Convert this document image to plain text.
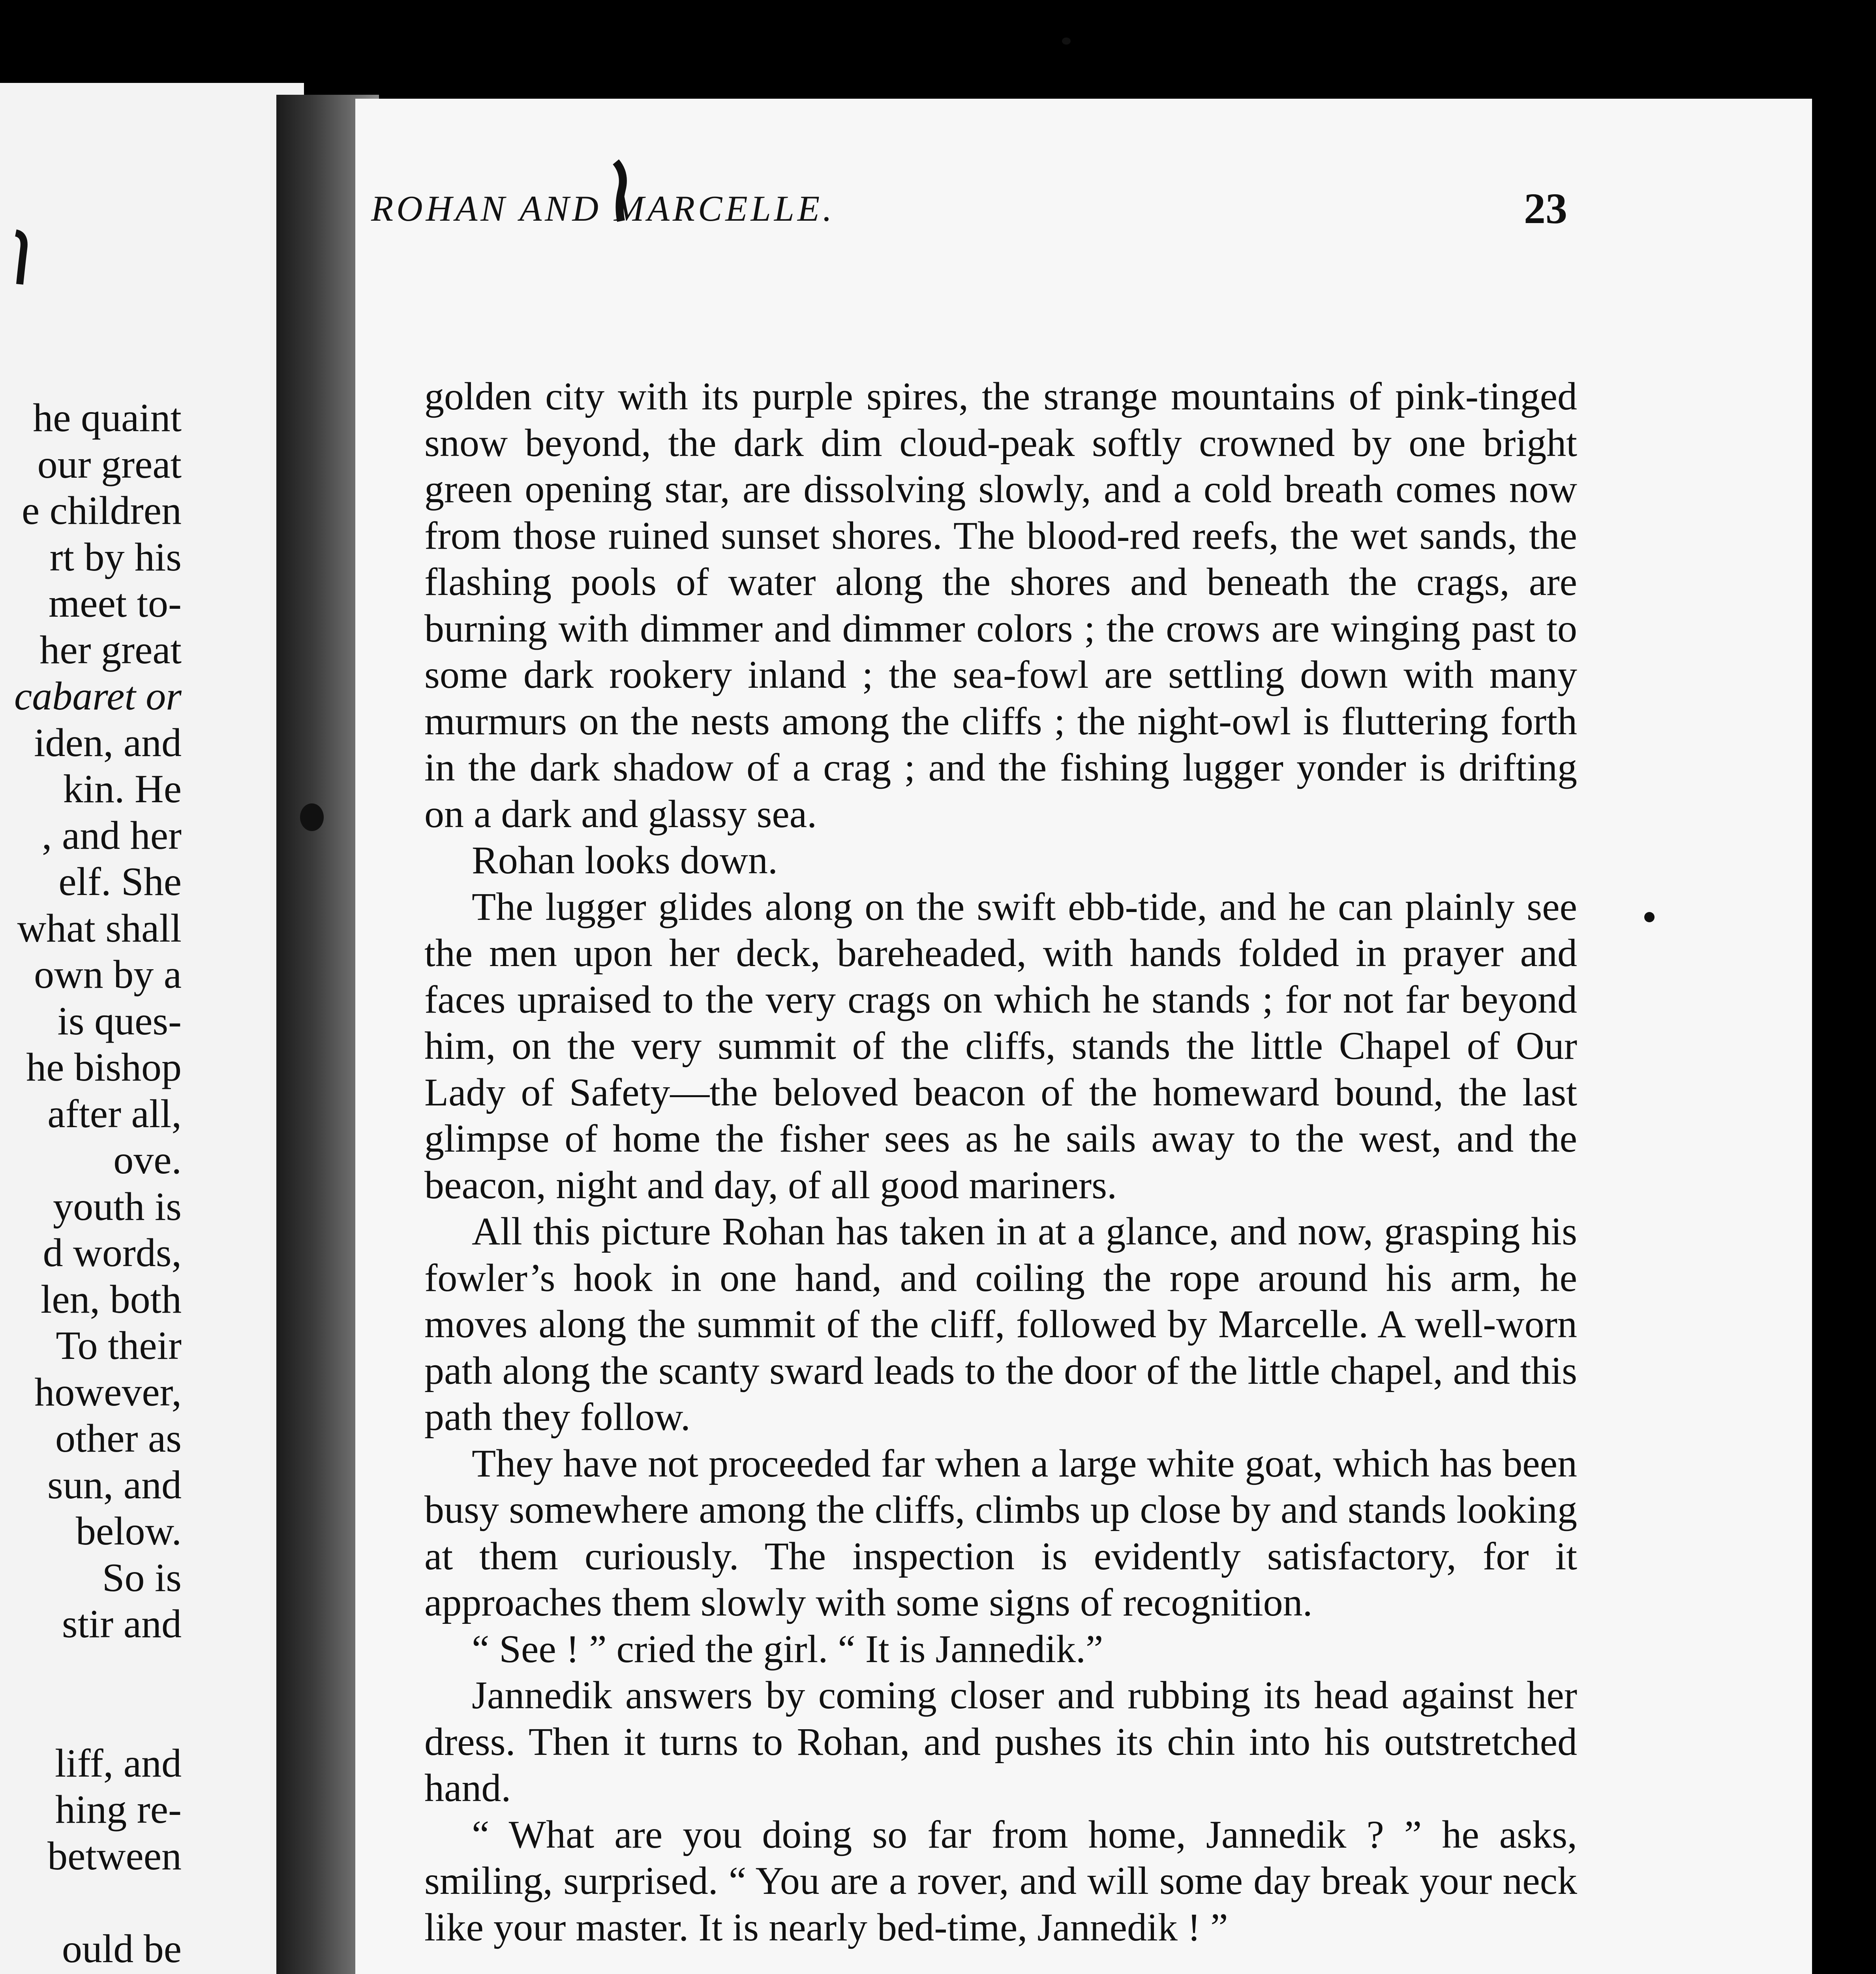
he quaint
our great
e children
rt by his
meet to-
her great
cabaret or
iden, and
kin. He
, and her
elf. She
what shall
own by a
is ques-
he bishop
after all,
ove.
youth is
d words,
len, both
To their
however,
other as
sun, and
below.
So is
stir and
liff, and
hing re-
between
ould be
ROHAN AND MARCELLE.	23

golden city with its purple spires, the strange mountains of pink-tinged snow beyond, the dark dim cloud-peak softly crowned by one bright green opening star, are dissolving slowly, and a cold breath comes now from those ruined sunset shores. The blood-red reefs, the wet sands, the flashing pools of water along the shores and beneath the crags, are burning with dimmer and dimmer colors ; the crows are winging past to some dark rookery inland ; the sea-fowl are settling down with many murmurs on the nests among the cliffs ; the night-owl is fluttering forth in the dark shadow of a crag ; and the fishing lugger yonder is drifting on a dark and glassy sea.

Rohan looks down.

The lugger glides along on the swift ebb-tide, and he can plainly see the men upon her deck, bareheaded, with hands folded in prayer and faces upraised to the very crags on which he stands ; for not far beyond him, on the very summit of the cliffs, stands the little Chapel of Our Lady of Safety—the beloved beacon of the homeward bound, the last glimpse of home the fisher sees as he sails away to the west, and the beacon, night and day, of all good mariners.

All this picture Rohan has taken in at a glance, and now, grasping his fowler’s hook in one hand, and coiling the rope around his arm, he moves along the summit of the cliff, followed by Marcelle. A well-worn path along the scanty sward leads to the door of the little chapel, and this path they follow.

They have not proceeded far when a large white goat, which has been busy somewhere among the cliffs, climbs up close by and stands looking at them curiously. The inspection is evidently satisfactory, for it approaches them slowly with some signs of recognition.

“ See ! ” cried the girl. “ It is Jannedik.”

Jannedik answers by coming closer and rubbing its head against her dress. Then it turns to Rohan, and pushes its chin into his outstretched hand.

“ What are you doing so far from home, Jannedik ? ” he asks, smiling, surprised. “ You are a rover, and will some day break your neck like your master. It is nearly bed-time, Jannedik ! ”
